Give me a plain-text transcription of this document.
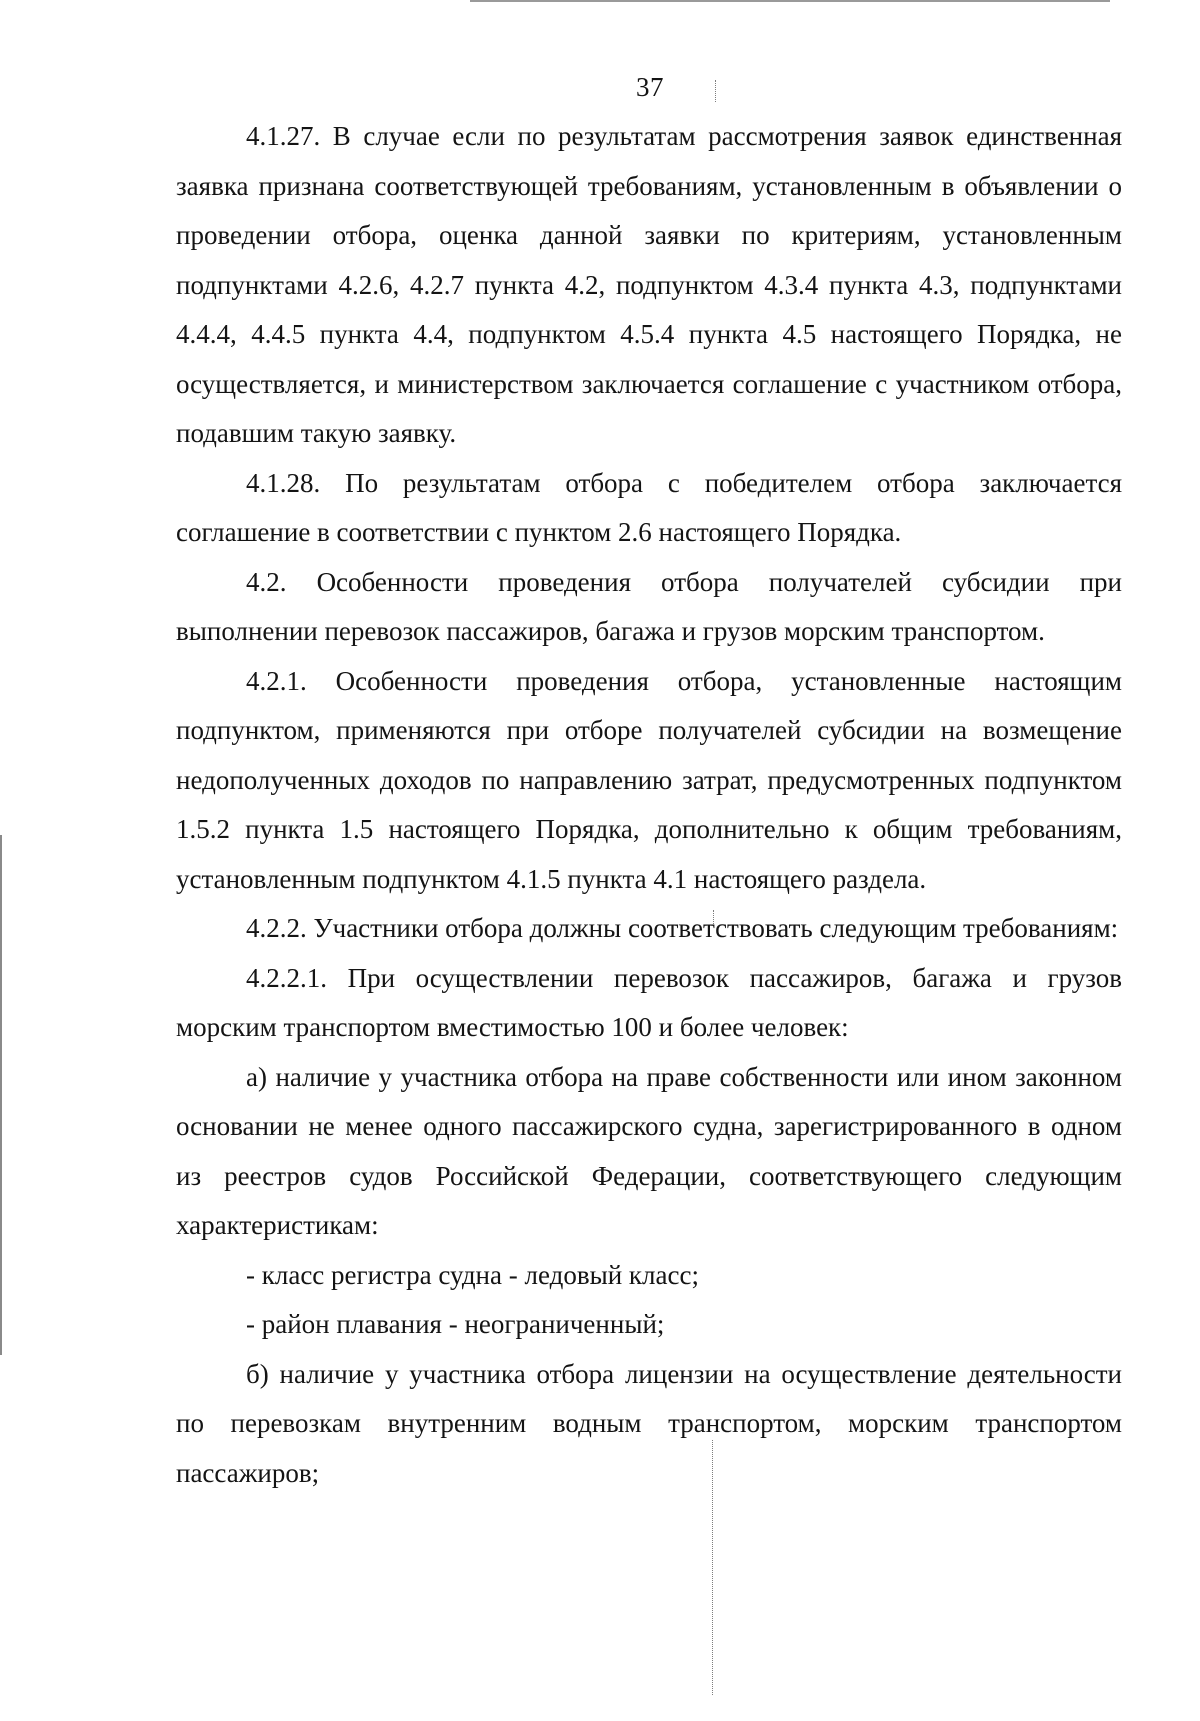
37

4.1.27. В случае если по результатам рассмотрения заявок единственная заявка признана соответствующей требованиям, установленным в объявлении о проведении отбора, оценка данной заявки по критериям, установленным подпунктами 4.2.6, 4.2.7 пункта 4.2, подпунктом 4.3.4 пункта 4.3, подпунктами 4.4.4, 4.4.5 пункта 4.4, подпунктом 4.5.4 пункта 4.5 настоящего Порядка, не осуществляется, и министерством заключается соглашение с участником отбора, подавшим такую заявку.

4.1.28. По результатам отбора с победителем отбора заключается соглашение в соответствии с пунктом 2.6 настоящего Порядка.

4.2. Особенности проведения отбора получателей субсидии при выполнении перевозок пассажиров, багажа и грузов морским транспортом.

4.2.1. Особенности проведения отбора, установленные настоящим подпунктом, применяются при отборе получателей субсидии на возмещение недополученных доходов по направлению затрат, предусмотренных подпунктом 1.5.2 пункта 1.5 настоящего Порядка, дополнительно к общим требованиям, установленным подпунктом 4.1.5 пункта 4.1 настоящего раздела.

4.2.2. Участники отбора должны соответствовать следующим требованиям:

4.2.2.1. При осуществлении перевозок пассажиров, багажа и грузов морским транспортом вместимостью 100 и более человек:

а) наличие у участника отбора на праве собственности или ином законном основании не менее одного пассажирского судна, зарегистрированного в одном из реестров судов Российской Федерации, соответствующего следующим характеристикам:

- класс регистра судна - ледовый класс;

- район плавания - неограниченный;

б) наличие у участника отбора лицензии на осуществление деятельности по перевозкам внутренним водным транспортом, морским транспортом пассажиров;
